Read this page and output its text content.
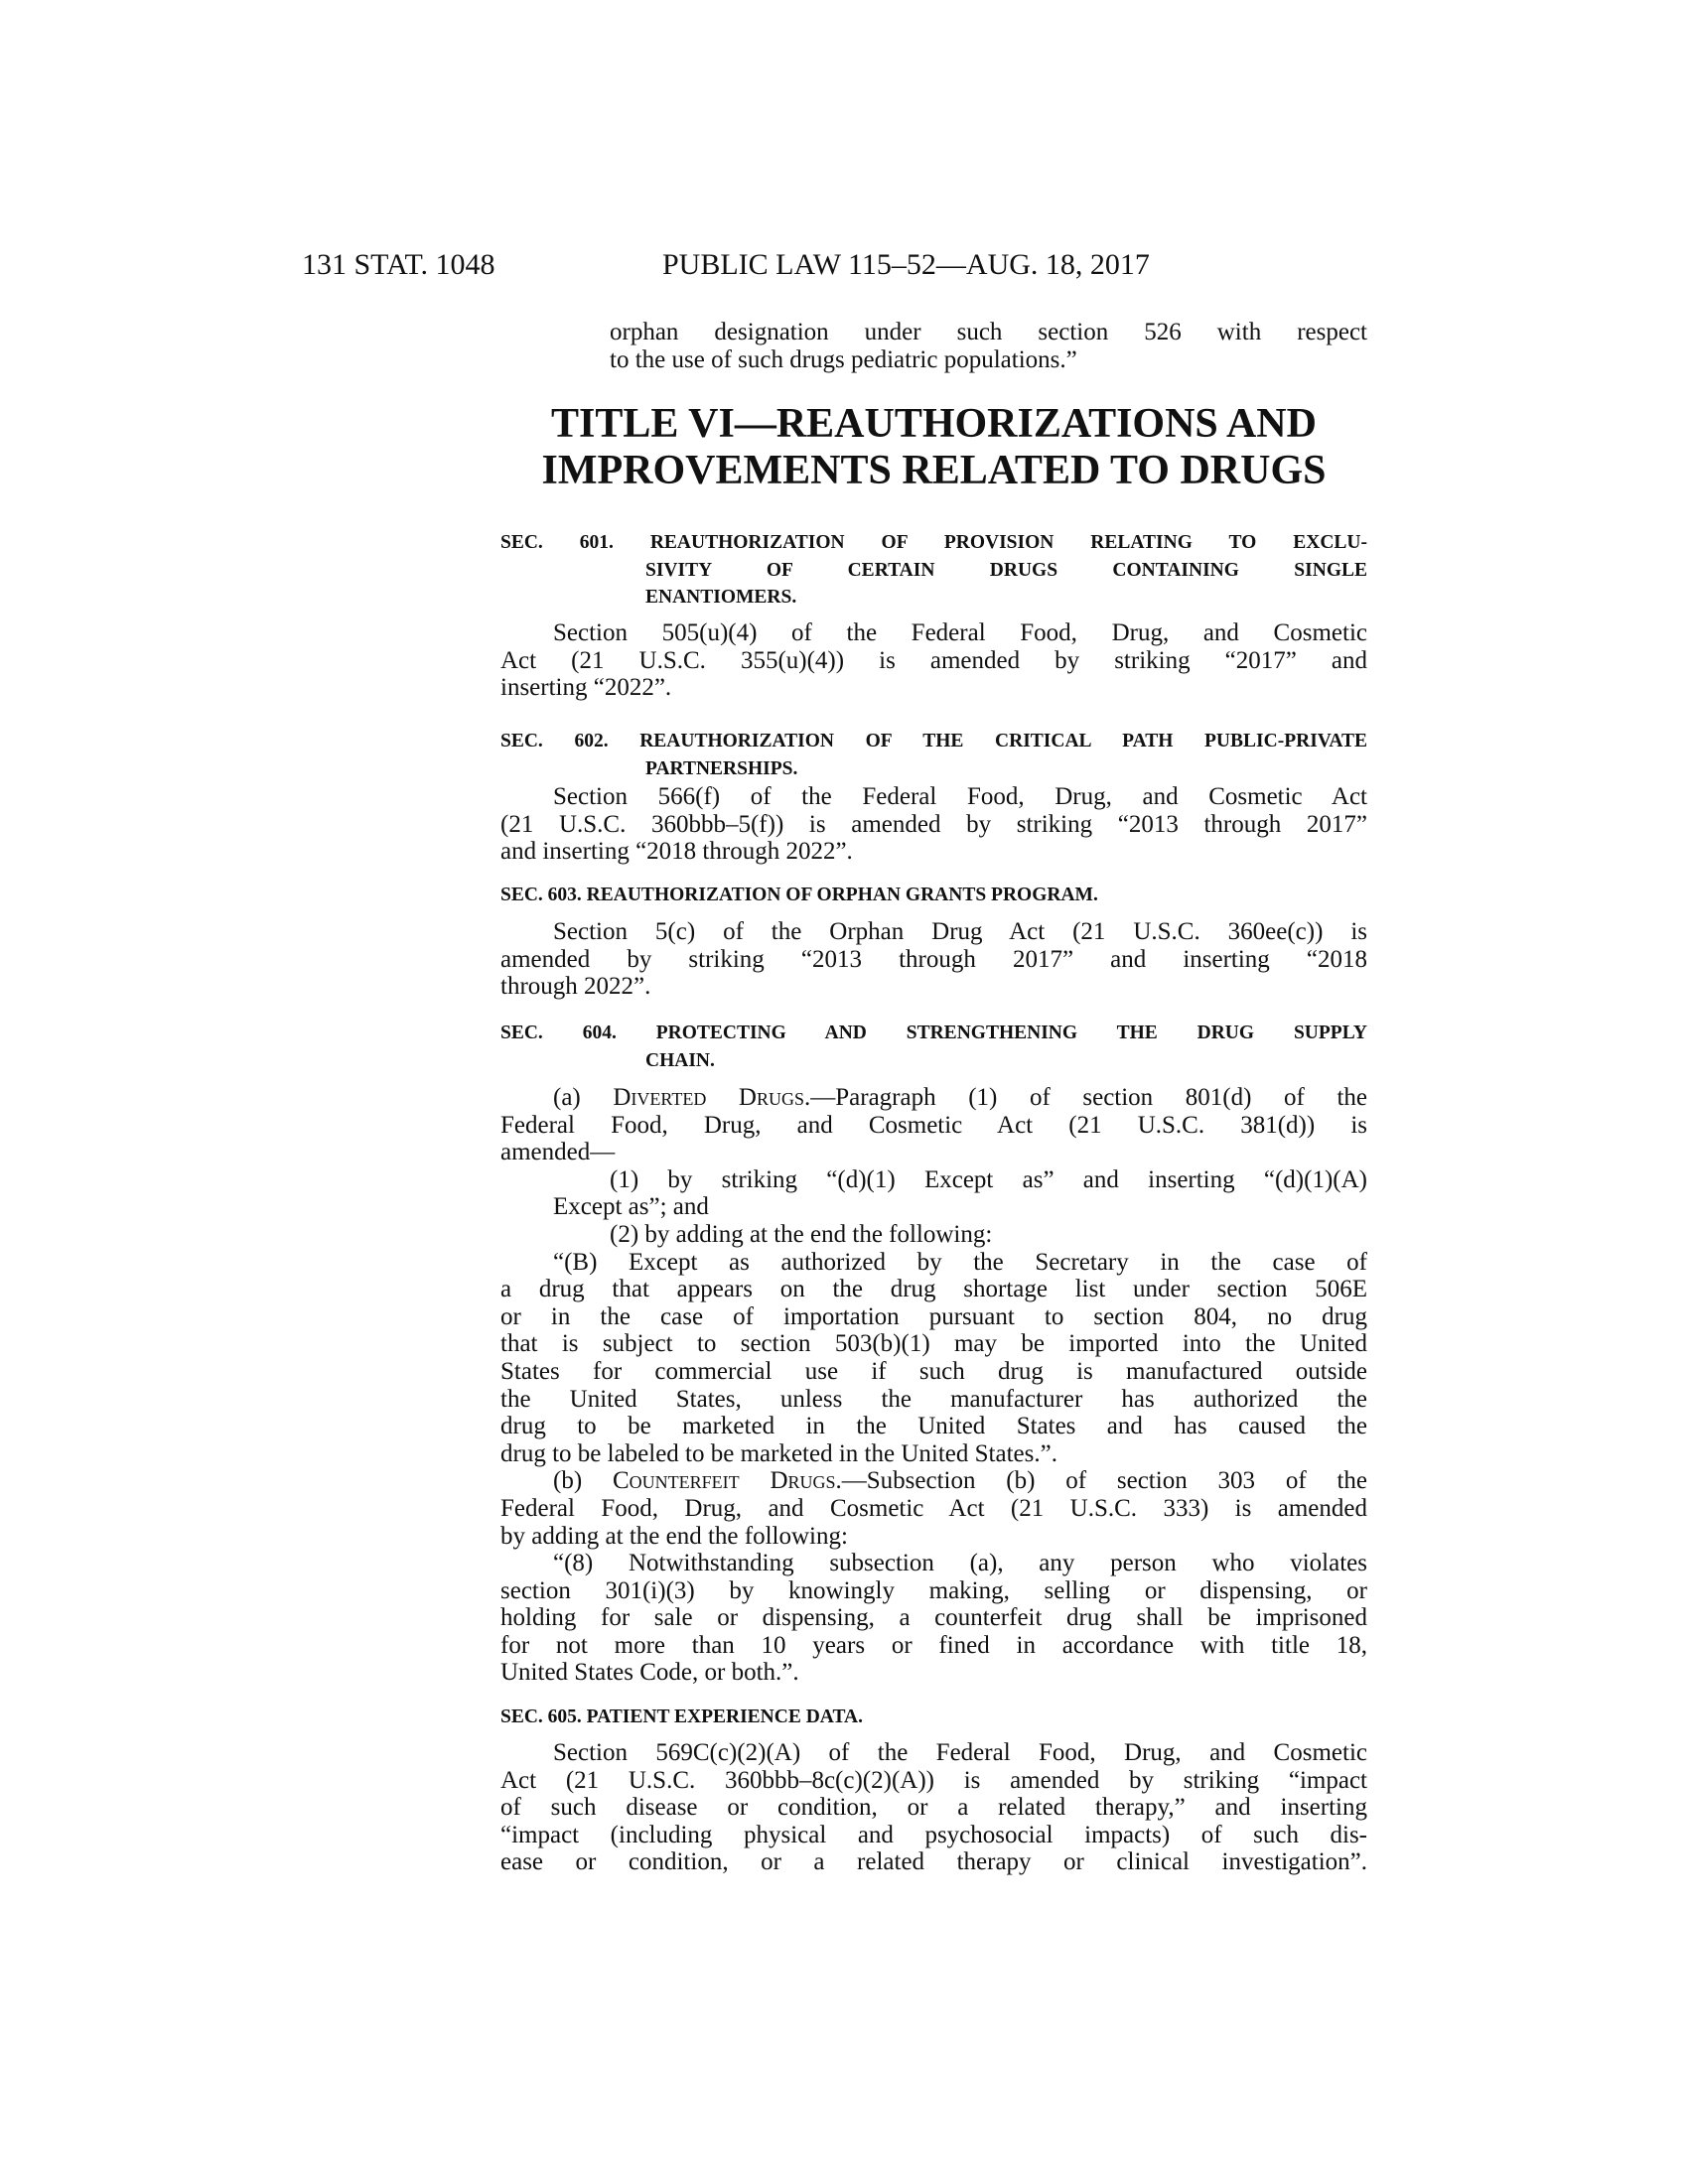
131 STAT. 1048	PUBLIC LAW 115–52—AUG. 18, 2017
orphan designation under such section 526 with respect
to the use of such drugs pediatric populations.”
TITLE VI—REAUTHORIZATIONS AND
IMPROVEMENTS RELATED TO DRUGS
SEC. 601. REAUTHORIZATION OF PROVISION RELATING TO EXCLU-
SIVITY OF CERTAIN DRUGS CONTAINING SINGLE
ENANTIOMERS.
Section 505(u)(4) of the Federal Food, Drug, and Cosmetic
Act (21 U.S.C. 355(u)(4)) is amended by striking “2017” and
inserting “2022”.
SEC. 602. REAUTHORIZATION OF THE CRITICAL PATH PUBLIC-PRIVATE
PARTNERSHIPS.
Section 566(f) of the Federal Food, Drug, and Cosmetic Act
(21 U.S.C. 360bbb–5(f)) is amended by striking “2013 through 2017”
and inserting “2018 through 2022”.
SEC. 603. REAUTHORIZATION OF ORPHAN GRANTS PROGRAM.
Section 5(c) of the Orphan Drug Act (21 U.S.C. 360ee(c)) is
amended by striking “2013 through 2017” and inserting “2018
through 2022”.
SEC. 604. PROTECTING AND STRENGTHENING THE DRUG SUPPLY
CHAIN.
(a) Diverted Drugs.—Paragraph (1) of section 801(d) of the
Federal Food, Drug, and Cosmetic Act (21 U.S.C. 381(d)) is
amended—
(1) by striking “(d)(1) Except as” and inserting “(d)(1)(A)
Except as”; and
(2) by adding at the end the following:
“(B) Except as authorized by the Secretary in the case of
a drug that appears on the drug shortage list under section 506E
or in the case of importation pursuant to section 804, no drug
that is subject to section 503(b)(1) may be imported into the United
States for commercial use if such drug is manufactured outside
the United States, unless the manufacturer has authorized the
drug to be marketed in the United States and has caused the
drug to be labeled to be marketed in the United States.”.
(b) Counterfeit Drugs.—Subsection (b) of section 303 of the
Federal Food, Drug, and Cosmetic Act (21 U.S.C. 333) is amended
by adding at the end the following:
“(8) Notwithstanding subsection (a), any person who violates
section 301(i)(3) by knowingly making, selling or dispensing, or
holding for sale or dispensing, a counterfeit drug shall be imprisoned
for not more than 10 years or fined in accordance with title 18,
United States Code, or both.”.
SEC. 605. PATIENT EXPERIENCE DATA.
Section 569C(c)(2)(A) of the Federal Food, Drug, and Cosmetic
Act (21 U.S.C. 360bbb–8c(c)(2)(A)) is amended by striking “impact
of such disease or condition, or a related therapy,” and inserting
“impact (including physical and psychosocial impacts) of such dis-
ease or condition, or a related therapy or clinical investigation”.
